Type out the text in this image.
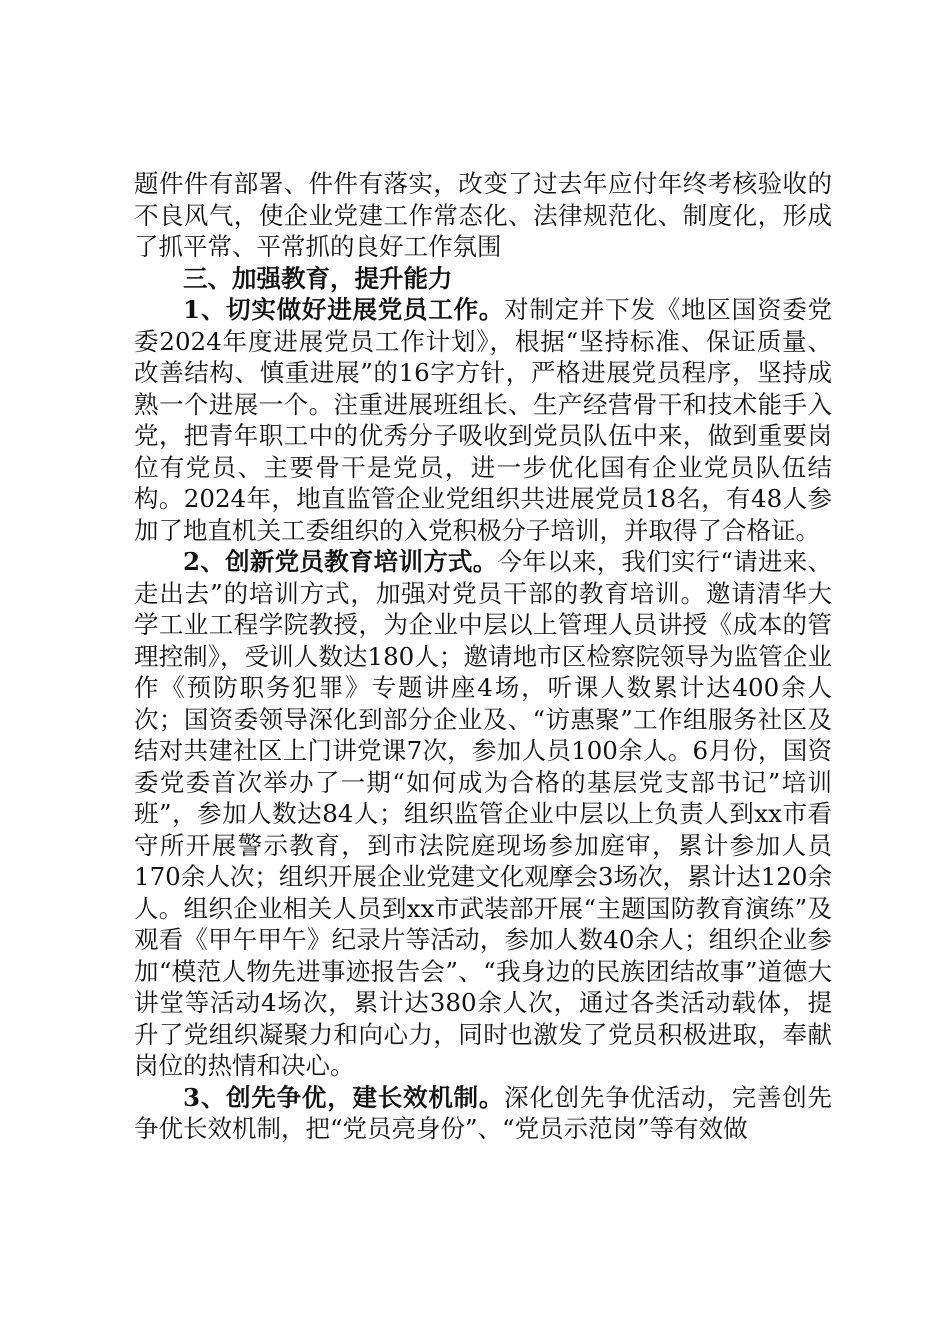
题件件有部署、件件有落实，改变了过去年应付年终考核验收的不良风气，使企业党建工作常态化、法律规范化、制度化，形成了抓平常、平常抓的良好工作氛围

三、加强教育，提升能力

1、切实做好进展党员工作。对制定并下发《地区国资委党委2024年度进展党员工作计划》，根据“坚持标准、保证质量、改善结构、慎重进展”的16字方针，严格进展党员程序，坚持成熟一个进展一个。注重进展班组长、生产经营骨干和技术能手入党，把青年职工中的优秀分子吸收到党员队伍中来，做到重要岗位有党员、主要骨干是党员，进一步优化国有企业党员队伍结构。2024年，地直监管企业党组织共进展党员18名，有48人参加了地直机关工委组织的入党积极分子培训，并取得了合格证。

2、创新党员教育培训方式。今年以来，我们实行“请进来、走出去”的培训方式，加强对党员干部的教育培训。邀请清华大学工业工程学院教授，为企业中层以上管理人员讲授《成本的管理控制》，受训人数达180人；邀请地市区检察院领导为监管企业作《预防职务犯罪》专题讲座4场，听课人数累计达400余人次；国资委领导深化到部分企业及、“访惠聚”工作组服务社区及结对共建社区上门讲党课7次，参加人员100余人。6月份，国资委党委首次举办了一期“如何成为合格的基层党支部书记”培训班”，参加人数达84人；组织监管企业中层以上负责人到xx市看守所开展警示教育，到市法院庭现场参加庭审，累计参加人员170余人次；组织开展企业党建文化观摩会3场次，累计达120余人。组织企业相关人员到xx市武装部开展“主题国防教育演练”及观看《甲午甲午》纪录片等活动，参加人数40余人；组织企业参加“模范人物先进事迹报告会”、“我身边的民族团结故事”道德大讲堂等活动4场次，累计达380余人次，通过各类活动载体，提升了党组织凝聚力和向心力，同时也激发了党员积极进取，奉献岗位的热情和决心。

3、创先争优，建长效机制。深化创先争优活动，完善创先争优长效机制，把“党员亮身份”、“党员示范岗”等有效做
